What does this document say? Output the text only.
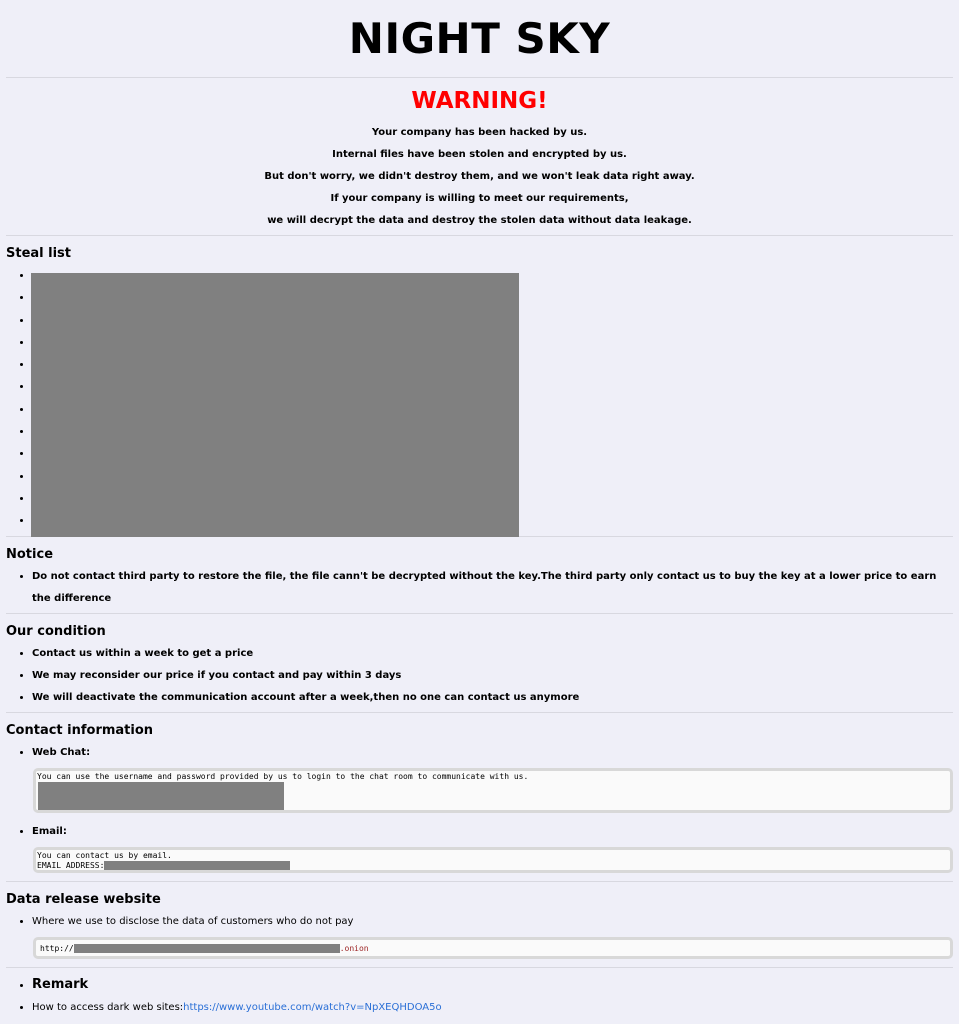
NIGHT SKY
WARNING!

Your company has been hacked by us.

Internal files have been stolen and encrypted by us.

But don't worry, we didn't destroy them, and we won't leak data right away.

If your company is willing to meet our requirements,

we will decrypt the data and destroy the stolen data without data leakage.

Steal list
•
•
•
•
•
•
•
•
•
•
•
•
Notice
• Do not contact third party to restore the file, the file cann't be decrypted without the key.The third party only contact us to buy the key at a lower price to earn the difference
Our condition
• Contact us within a week to get a price
• We may reconsider our price if you contact and pay within 3 days
• We will deactivate the communication account after a week,then no one can contact us anymore
Contact information
• Web Chat:
You can use the username and password provided by us to login to the chat room to communicate with us.
• Email:
You can contact us by email.
EMAIL ADDRESS:
Data release website
• Where we use to disclose the data of customers who do not pay
http://	.onion
• Remark
• How to access dark web sites:https://www.youtube.com/watch?v=NpXEQHDOA5o
